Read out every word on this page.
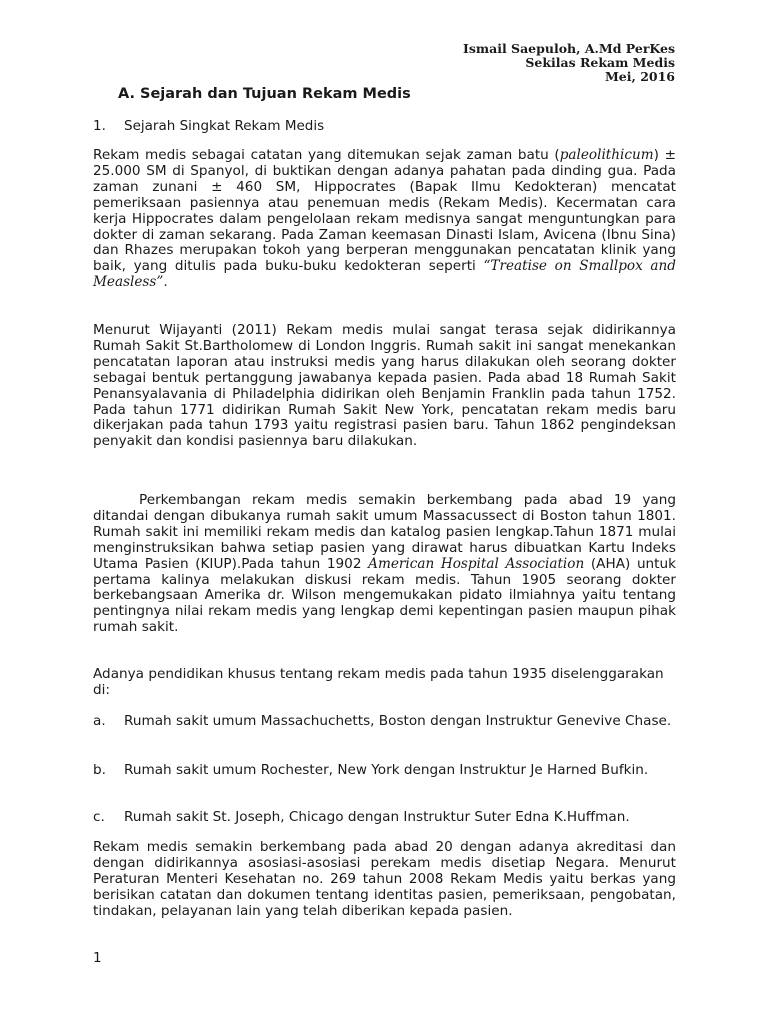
Ismail Saepuloh, A.Md PerKes
Sekilas Rekam Medis
Mei, 2016
A. Sejarah dan Tujuan Rekam Medis
1. Sejarah Singkat Rekam Medis

Rekam medis sebagai catatan yang ditemukan sejak zaman batu (paleolithicum) ± 25.000 SM di Spanyol, di buktikan dengan adanya pahatan pada dinding gua. Pada zaman zunani ± 460 SM, Hippocrates (Bapak Ilmu Kedokteran) mencatat pemeriksaan pasiennya atau penemuan medis (Rekam Medis). Kecermatan cara kerja Hippocrates dalam pengelolaan rekam medisnya sangat menguntungkan para dokter di zaman sekarang. Pada Zaman keemasan Dinasti Islam, Avicena (Ibnu Sina) dan Rhazes merupakan tokoh yang berperan menggunakan pencatatan klinik yang baik, yang ditulis pada buku-buku kedokteran seperti “Treatise on Smallpox and Measless”.

Menurut Wijayanti (2011) Rekam medis mulai sangat terasa sejak didirikannya Rumah Sakit St.Bartholomew di London Inggris. Rumah sakit ini sangat menekankan pencatatan laporan atau instruksi medis yang harus dilakukan oleh seorang dokter sebagai bentuk pertanggung jawabanya kepada pasien. Pada abad 18 Rumah Sakit Penansyalavania di Philadelphia didirikan oleh Benjamin Franklin pada tahun 1752. Pada tahun 1771 didirikan Rumah Sakit New York, pencatatan rekam medis baru dikerjakan pada tahun 1793 yaitu registrasi pasien baru. Tahun 1862 pengindeksan penyakit dan kondisi pasiennya baru dilakukan.

Perkembangan rekam medis semakin berkembang pada abad 19 yang ditandai dengan dibukanya rumah sakit umum Massacussect di Boston tahun 1801. Rumah sakit ini memiliki rekam medis dan katalog pasien lengkap.Tahun 1871 mulai menginstruksikan bahwa setiap pasien yang dirawat harus dibuatkan Kartu Indeks Utama Pasien (KIUP).Pada tahun 1902 American Hospital Association (AHA) untuk pertama kalinya melakukan diskusi rekam medis. Tahun 1905 seorang dokter berkebangsaan Amerika dr. Wilson mengemukakan pidato ilmiahnya yaitu tentang pentingnya nilai rekam medis yang lengkap demi kepentingan pasien maupun pihak rumah sakit.

Adanya pendidikan khusus tentang rekam medis pada tahun 1935 diselenggarakan di:

a. Rumah sakit umum Massachuchetts, Boston dengan Instruktur Genevive Chase.

b. Rumah sakit umum Rochester, New York dengan Instruktur Je Harned Bufkin.

c. Rumah sakit St. Joseph, Chicago dengan Instruktur Suter Edna K.Huffman.

Rekam medis semakin berkembang pada abad 20 dengan adanya akreditasi dan dengan didirikannya asosiasi-asosiasi perekam medis disetiap Negara. Menurut Peraturan Menteri Kesehatan no. 269 tahun 2008 Rekam Medis yaitu berkas yang berisikan catatan dan dokumen tentang identitas pasien, pemeriksaan, pengobatan, tindakan, pelayanan lain yang telah diberikan kepada pasien.

1
